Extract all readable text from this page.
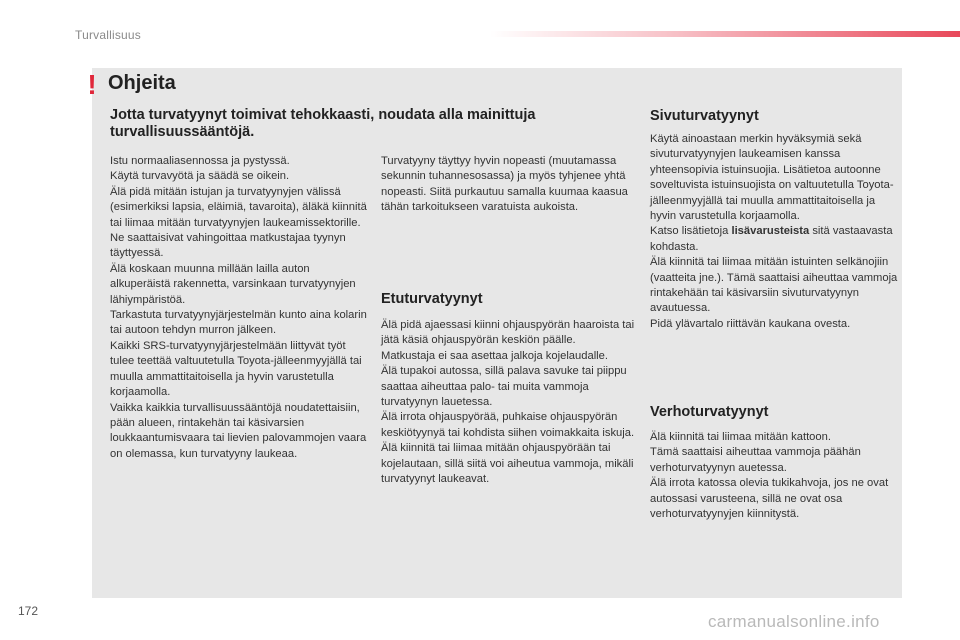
Turvallisuus
! Ohjeita
Jotta turvatyynyt toimivat tehokkaasti, noudata alla mainittuja turvallisuussääntöjä.

Istu normaaliasennossa ja pystyssä.

Käytä turvavyötä ja säädä se oikein.

Älä pidä mitään istujan ja turvatyynyjen välissä (esimerkiksi lapsia, eläimiä, tavaroita), äläkä kiinnitä tai liimaa mitään turvatyynyjen laukeamissektorille.

Ne saattaisivat vahingoittaa matkustajaa tyynyn täyttyessä.

Älä koskaan muunna millään lailla auton alkuperäistä rakennetta, varsinkaan turvatyynyjen lähiympäristöä.

Tarkastuta turvatyynyjärjestelmän kunto aina kolarin tai autoon tehdyn murron jälkeen.

Kaikki SRS-turvatyynyjärjestelmään liittyvät työt tulee teettää valtuutetulla Toyota-jälleenmyyjällä tai muulla ammattitaitoisella ja hyvin varustetulla korjaamolla.

Vaikka kaikkia turvallisuussääntöjä noudatettaisiin, pään alueen, rintakehän tai käsivarsien loukkaantumisvaara tai lievien palovammojen vaara on olemassa, kun turvatyyny laukeaa.

Turvatyyny täyttyy hyvin nopeasti (muutamassa sekunnin tuhannesosassa) ja myös tyhjenee yhtä nopeasti. Siitä purkautuu samalla kuumaa kaasua tähän tarkoitukseen varatuista aukoista.

Etuturvatyynyt

Älä pidä ajaessasi kiinni ohjauspyörän haaroista tai jätä käsiä ohjauspyörän keskiön päälle.

Matkustaja ei saa asettaa jalkoja kojelaudalle.

Älä tupakoi autossa, sillä palava savuke tai piippu saattaa aiheuttaa palo- tai muita vammoja turvatyynyn lauetessa.

Älä irrota ohjauspyörää, puhkaise ohjauspyörän keskiötyynyä tai kohdista siihen voimakkaita iskuja.

Älä kiinnitä tai liimaa mitään ohjauspyörään tai kojelautaan, sillä siitä voi aiheutua vammoja, mikäli turvatyynyt laukeavat.

Sivuturvatyynyt

Käytä ainoastaan merkin hyväksymiä sekä sivuturvatyynyjen laukeamisen kanssa yhteensopivia istuinsuojia. Lisätietoa autoonne soveltuvista istuinsuojista on valtuutetulla Toyota-jälleenmyyjällä tai muulla ammattitaitoisella ja hyvin varustetulla korjaamolla.

Katso lisätietoja lisävarusteista sitä vastaavasta kohdasta.

Älä kiinnitä tai liimaa mitään istuinten selkänojiin (vaatteita jne.). Tämä saattaisi aiheuttaa vammoja rintakehään tai käsivarsiin sivuturvatyynyn avautuessa.

Pidä ylävartalo riittävän kaukana ovesta.

Verhoturvatyynyt

Älä kiinnitä tai liimaa mitään kattoon.

Tämä saattaisi aiheuttaa vammoja päähän verhoturvatyynyn auetessa.

Älä irrota katossa olevia tukikahvoja, jos ne ovat autossasi varusteena, sillä ne ovat osa verhoturvatyynyjen kiinnitystä.

172
carmanualsonline.info
